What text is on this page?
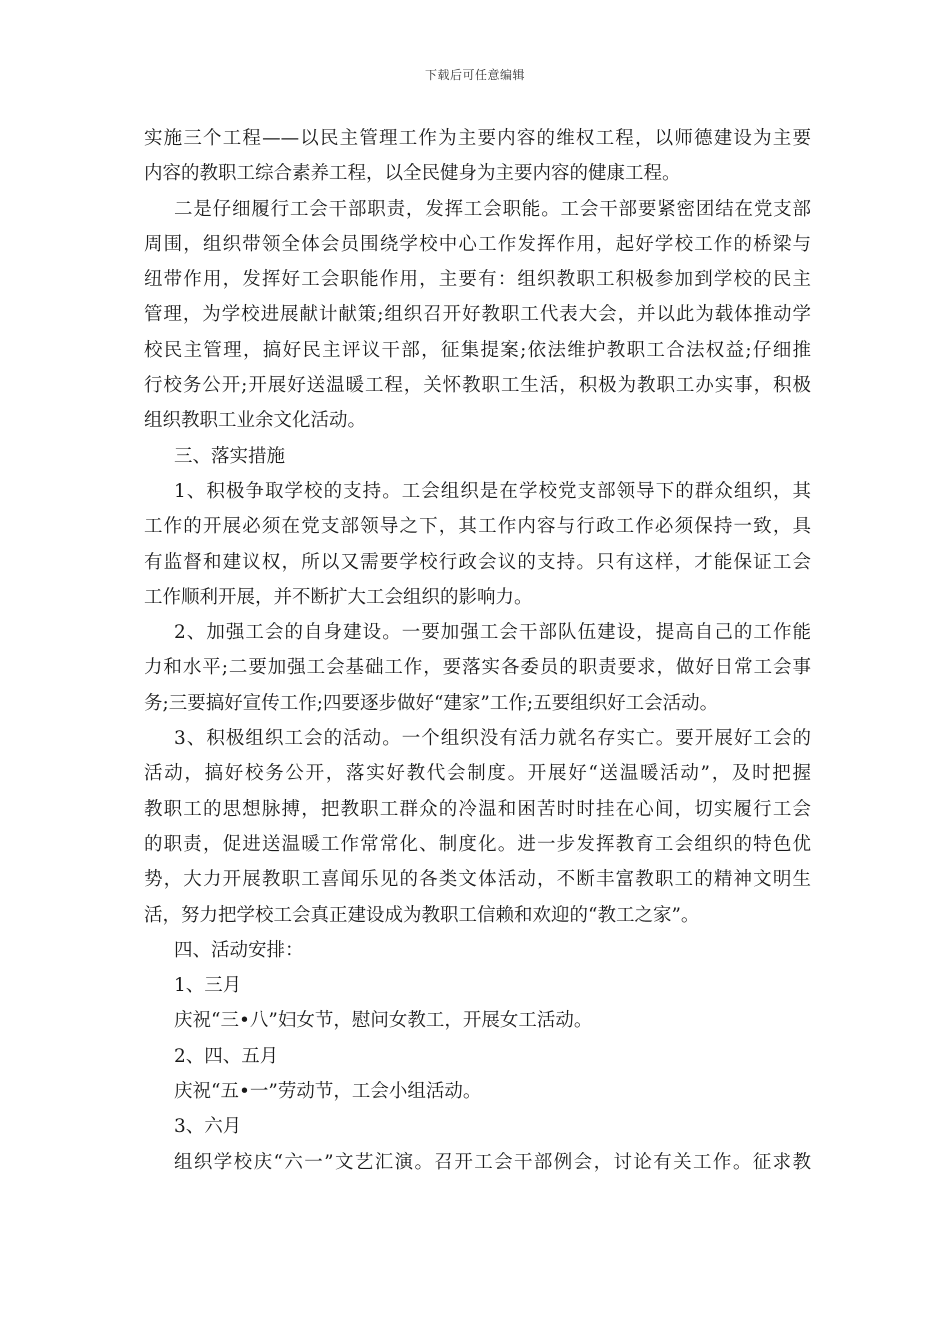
下载后可任意编辑
实施三个工程——以民主管理工作为主要内容的维权工程，以师德建设为主要
内容的教职工综合素养工程，以全民健身为主要内容的健康工程。
二是仔细履行工会干部职责，发挥工会职能。工会干部要紧密团结在党支部
周围，组织带领全体会员围绕学校中心工作发挥作用，起好学校工作的桥梁与
纽带作用，发挥好工会职能作用，主要有：组织教职工积极参加到学校的民主
管理，为学校进展献计献策;组织召开好教职工代表大会，并以此为载体推动学
校民主管理，搞好民主评议干部，征集提案;依法维护教职工合法权益;仔细推
行校务公开;开展好送温暖工程，关怀教职工生活，积极为教职工办实事，积极
组织教职工业余文化活动。
三、落实措施
1、积极争取学校的支持。工会组织是在学校党支部领导下的群众组织，其
工作的开展必须在党支部领导之下，其工作内容与行政工作必须保持一致，具
有监督和建议权，所以又需要学校行政会议的支持。只有这样，才能保证工会
工作顺利开展，并不断扩大工会组织的影响力。
2、加强工会的自身建设。一要加强工会干部队伍建设，提高自己的工作能
力和水平;二要加强工会基础工作，要落实各委员的职责要求，做好日常工会事
务;三要搞好宣传工作;四要逐步做好“建家”工作;五要组织好工会活动。
3、积极组织工会的活动。一个组织没有活力就名存实亡。要开展好工会的
活动，搞好校务公开，落实好教代会制度。开展好“送温暖活动”，及时把握
教职工的思想脉搏，把教职工群众的冷温和困苦时时挂在心间，切实履行工会
的职责，促进送温暖工作常常化、制度化。进一步发挥教育工会组织的特色优
势，大力开展教职工喜闻乐见的各类文体活动，不断丰富教职工的精神文明生
活，努力把学校工会真正建设成为教职工信赖和欢迎的“教工之家”。
四、活动安排：
1、三月
庆祝“三•八”妇女节，慰问女教工，开展女工活动。
2、四、五月
庆祝“五•一”劳动节，工会小组活动。
3、六月
组织学校庆“六一”文艺汇演。召开工会干部例会，讨论有关工作。征求教
